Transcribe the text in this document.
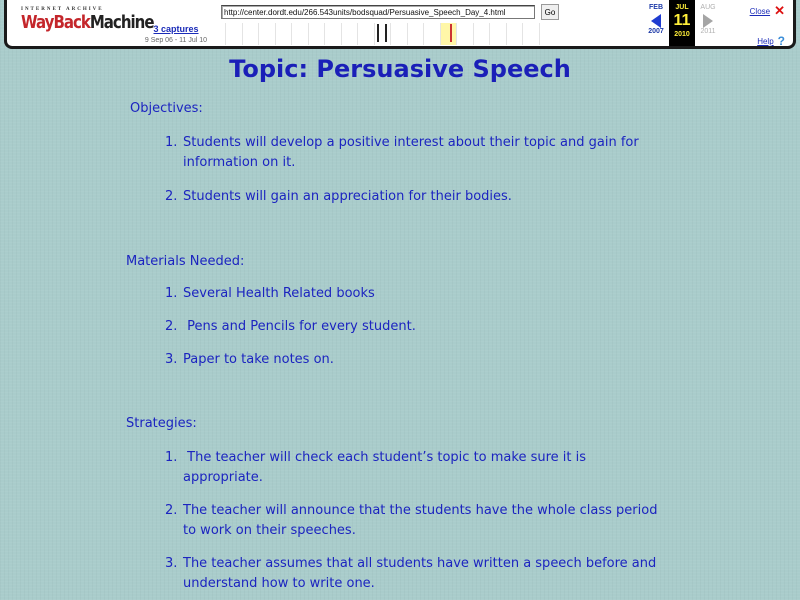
INTERNET ARCHIVE
WayBack Machine 3 captures
9 Sep 06 - 11 Jul 10
http://center.dordt.edu/266.543units/bodsquad/Persuasive_Speech_Day_4.html
Go	FEB
2007
JUL
11
2010
AUG
2011
Close ✕
Help ?
Topic: Persuasive Speech
Objectives:
1. Students will develop a positive interest about their topic and gain for information on it.
2. Students will gain an appreciation for their bodies.
Materials Needed:
1. Several Health Related books
2. Pens and Pencils for every student.
3. Paper to take notes on.
Strategies:
1. The teacher will check each student’s topic to make sure it is appropriate.
2. The teacher will announce that the students have the whole class period to work on their speeches.
3. The teacher assumes that all students have written a speech before and understand how to write one.
